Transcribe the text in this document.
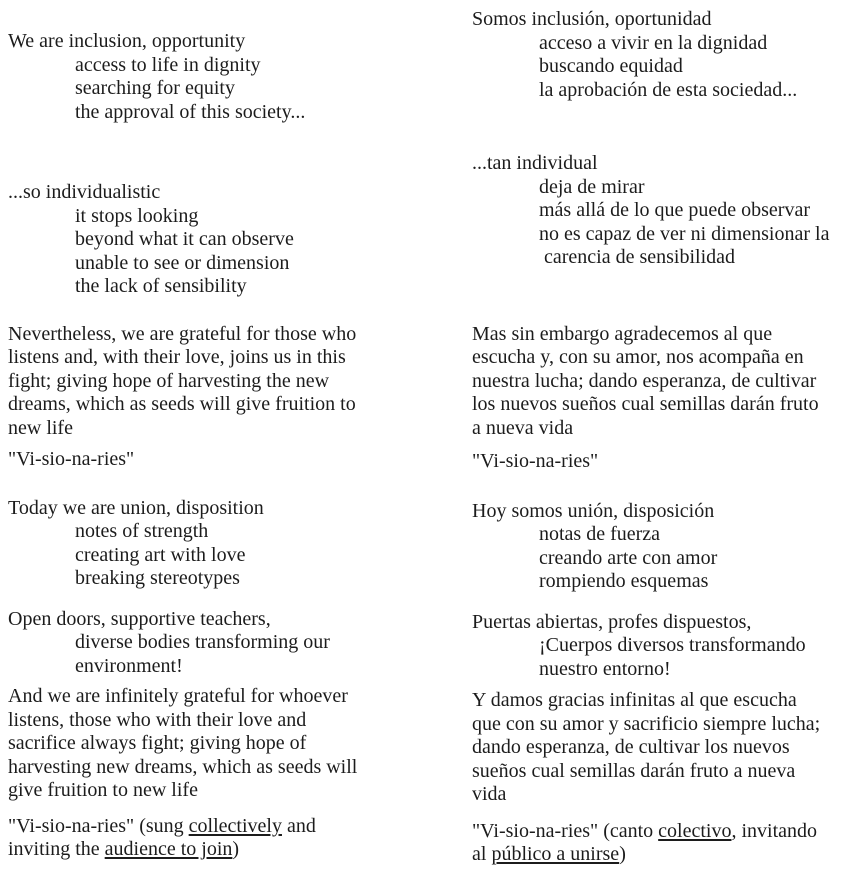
We are inclusion, opportunity
access to life in dignity
searching for equity
the approval of this society...
...so individualistic
it stops looking
beyond what it can observe
unable to see or dimension
the lack of sensibility
Nevertheless, we are grateful for those who
listens and, with their love, joins us in this
fight; giving hope of harvesting the new
dreams, which as seeds will give fruition to
new life
"Vi-sio-na-ries"
Today we are union, disposition
notes of strength
creating art with love
breaking stereotypes
Open doors, supportive teachers,
diverse bodies transforming our
environment!
And we are infinitely grateful for whoever
listens, those who with their love and
sacrifice always fight; giving hope of
harvesting new dreams, which as seeds will
give fruition to new life
"Vi-sio-na-ries" (sung collectively and
inviting the audience to join)
Somos inclusión, oportunidad
acceso a vivir en la dignidad
buscando equidad
la aprobación de esta sociedad...
...tan individual
deja de mirar
más allá de lo que puede observar
no es capaz de ver ni dimensionar la
carencia de sensibilidad
Mas sin embargo agradecemos al que
escucha y, con su amor, nos acompaña en
nuestra lucha; dando esperanza, de cultivar
los nuevos sueños cual semillas darán fruto
a nueva vida
"Vi-sio-na-ries"
Hoy somos unión, disposición
notas de fuerza
creando arte con amor
rompiendo esquemas
Puertas abiertas, profes dispuestos,
¡Cuerpos diversos transformando
nuestro entorno!
Y damos gracias infinitas al que escucha
que con su amor y sacrificio siempre lucha;
dando esperanza, de cultivar los nuevos
sueños cual semillas darán fruto a nueva
vida
"Vi-sio-na-ries" (canto colectivo, invitando
al público a unirse)
